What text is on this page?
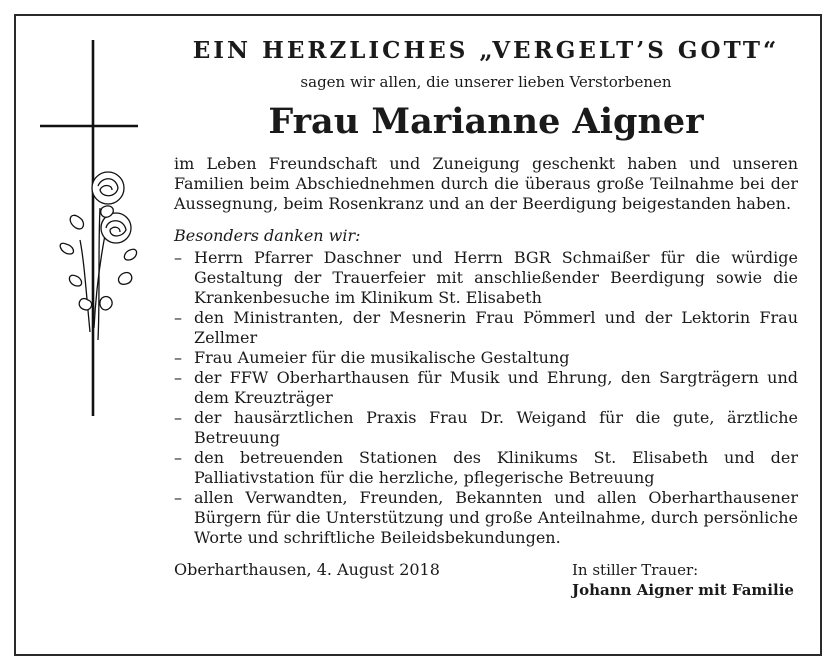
EIN HERZLICHES „VERGELT’S GOTT“

sagen wir allen, die unserer lieben Verstorbenen

Frau Marianne Aigner

im Leben Freundschaft und Zuneigung geschenkt haben und unseren Familien beim Abschiednehmen durch die überaus große Teilnahme bei der Aussegnung, beim Rosenkranz und an der Beerdigung beigestanden haben.

Besonders danken wir:

– Herrn Pfarrer Daschner und Herrn BGR Schmaißer für die würdige Gestaltung der Trauerfeier mit anschließender Beerdigung sowie die Krankenbesuche im Klinikum St. Elisabeth
– den Ministranten, der Mesnerin Frau Pömmerl und der Lektorin Frau Zellmer
– Frau Aumeier für die musikalische Gestaltung
– der FFW Oberharthausen für Musik und Ehrung, den Sargträgern und dem Kreuzträger
– der hausärztlichen Praxis Frau Dr. Weigand für die gute, ärztliche Betreuung
– den betreuenden Stationen des Klinikums St. Elisabeth und der Palliativstation für die herzliche, pflegerische Betreuung
– allen Verwandten, Freunden, Bekannten und allen Oberharthausener Bürgern für die Unterstützung und große Anteilnahme, durch persönliche Worte und schriftliche Beileidsbekundungen.
Oberharthausen, 4. August 2018	In stiller Trauer:
Johann Aigner mit Familie
